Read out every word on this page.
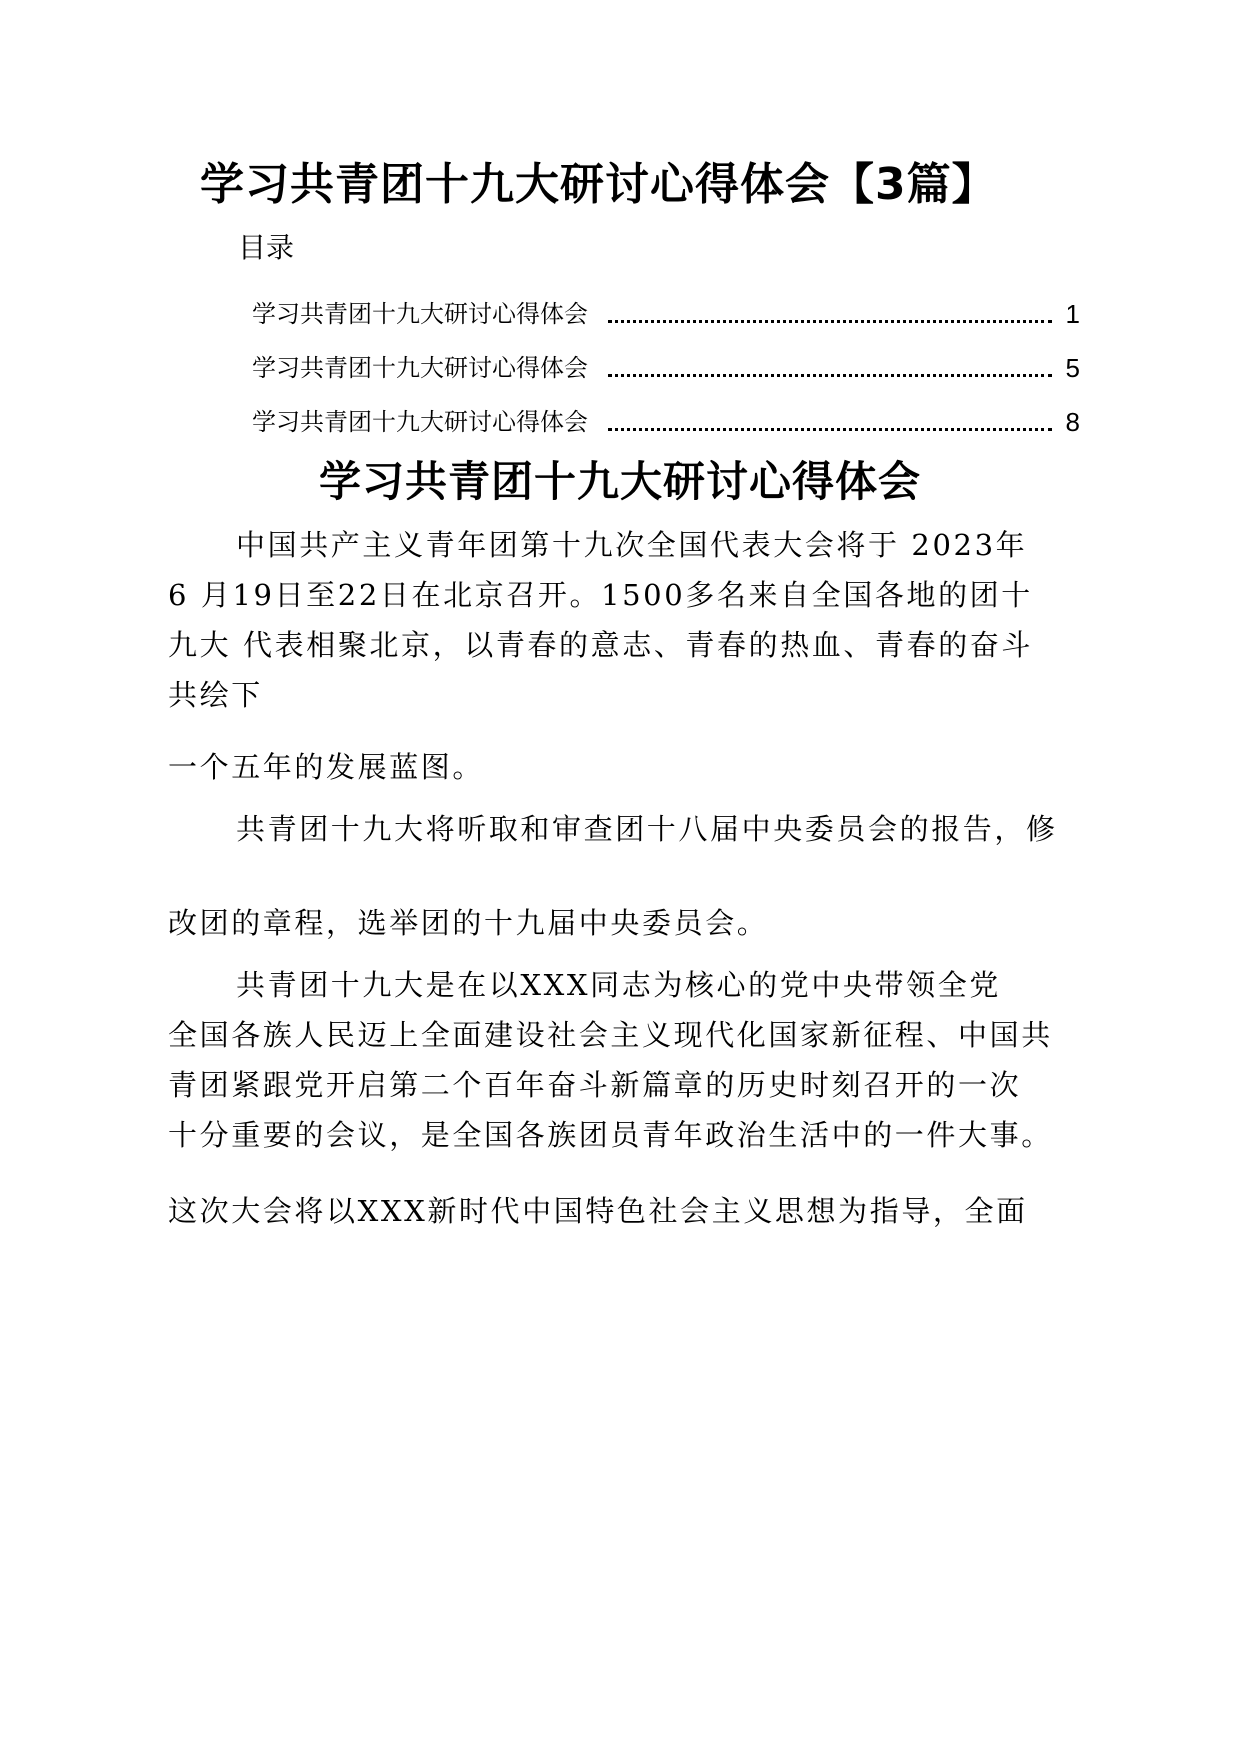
学习共青团十九大研讨心得体会【3篇】
目录
学习共青团十九大研讨心得体会	1
学习共青团十九大研讨心得体会	5
学习共青团十九大研讨心得体会	8
学习共青团十九大研讨心得体会

中国共产主义青年团第十九次全国代表大会将于 2023年

6 月19日至22日在北京召开。1500多名来自全国各地的团十

九大 代表相聚北京，以青春的意志、青春的热血、青春的奋斗

共绘下

一个五年的发展蓝图。

共青团十九大将听取和审查团十八届中央委员会的报告，修

改团的章程，选举团的十九届中央委员会。

共青团十九大是在以XXX同志为核心的党中央带领全党

全国各族人民迈上全面建设社会主义现代化国家新征程、中国共

青团紧跟党开启第二个百年奋斗新篇章的历史时刻召开的一次

十分重要的会议，是全国各族团员青年政治生活中的一件大事。

这次大会将以XXX新时代中国特色社会主义思想为指导，全面
